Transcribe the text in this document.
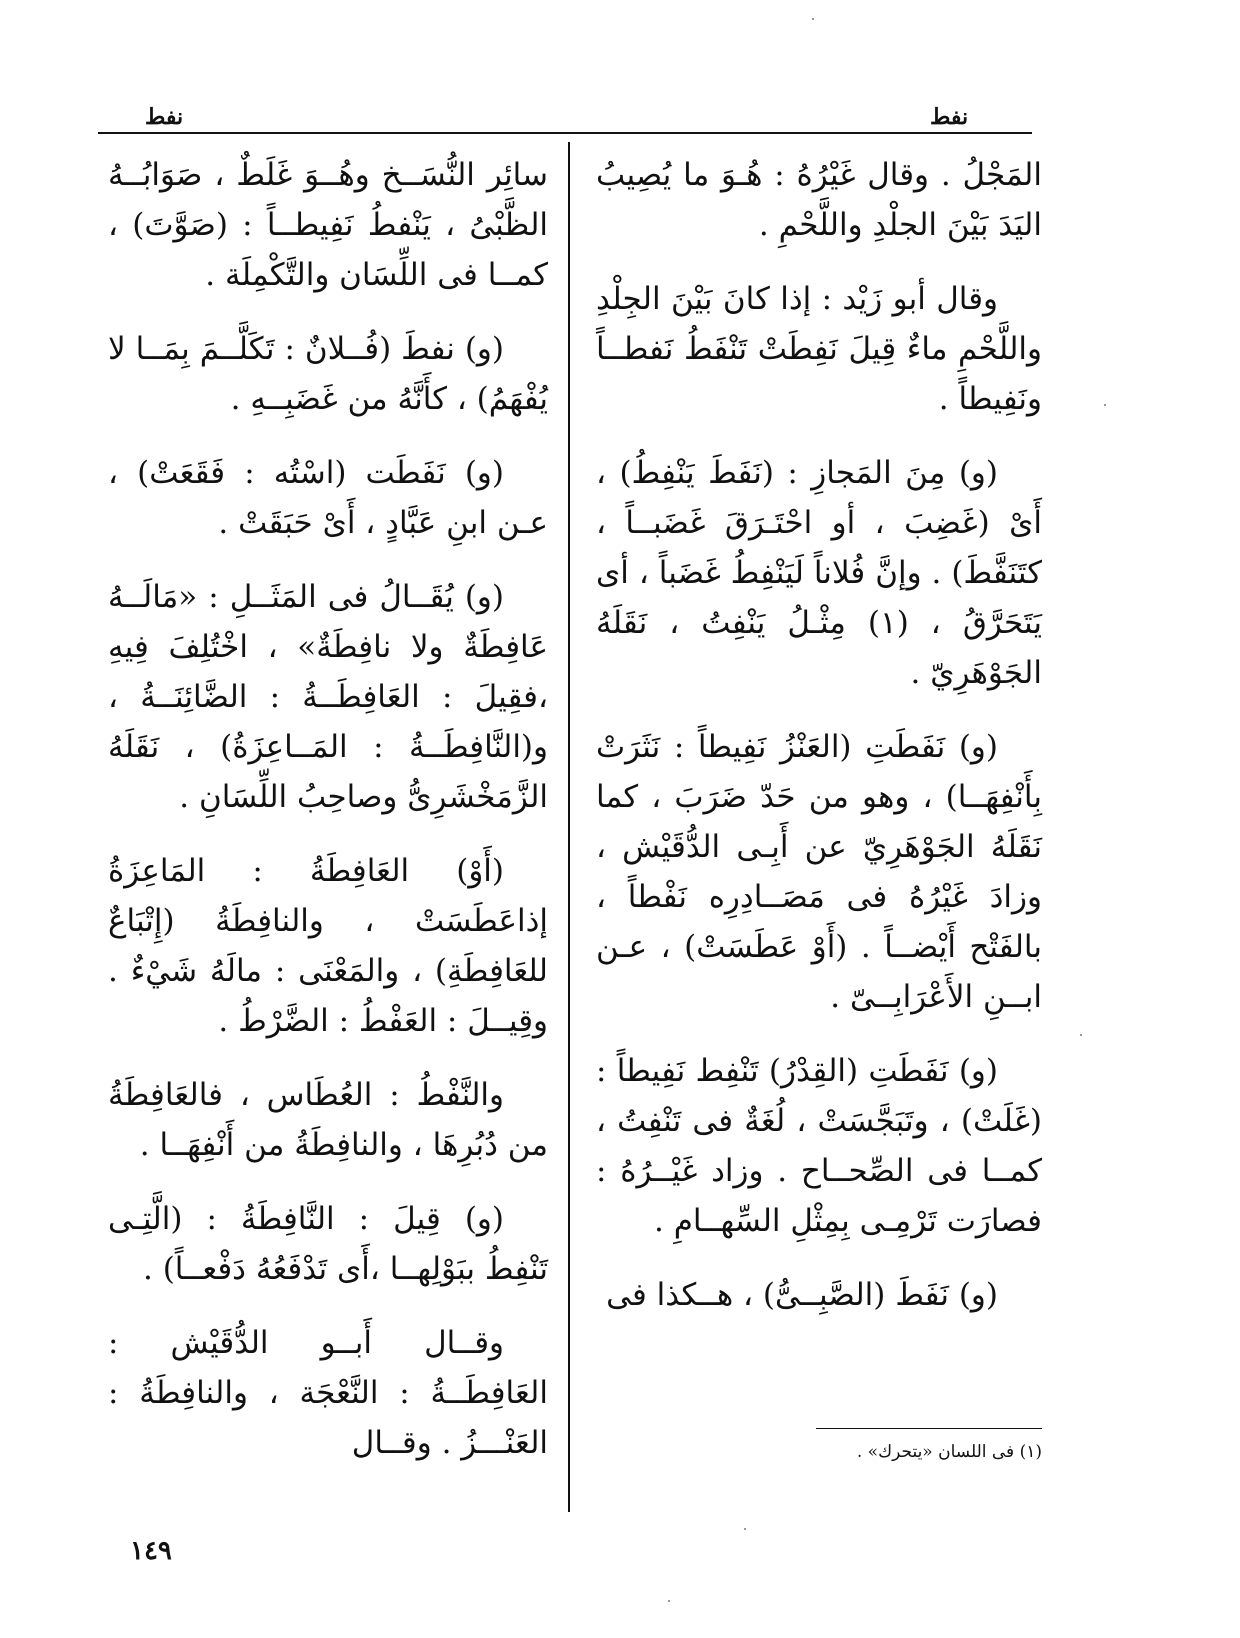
نفط
نفط

المَجْلُ . وقال غَيْرُهُ : هُـوَ ما يُصِيبُ اليَدَ بَيْنَ الجلْدِ واللَّحْمِ .

وقال أبو زَيْد : إذا كانَ بَيْنَ الجِلْدِ واللَّحْمِ ماءٌ قِيلَ نَفِطَتْ تَنْفَطُ نَفطــاً ونَفِيطاً .

(و) مِنَ المَجازِ : (نَفَطَ يَنْفِطُ) ، أَىْ (غَضِبَ ، أو احْتَـرَقَ غَضَبــاً ، كتَنَفَّطَ) . وإنَّ فُلاناً لَيَنْفِطُ غَضَباً ، أى يَتَحَرَّقُ ، (١) مِثْـلُ يَنْفِتُ ، نَقَلَهُ الجَوْهَرِيّ .

(و) نَفَطَتِ (العَنْزُ نَفِيطاً : نَثَرَتْ بِأَنْفِهَــا) ، وهو من حَدّ ضَرَبَ ، كما نَقَلَهُ الجَوْهَرِيّ عن أَبِـى الدُّقَيْش ، وزادَ غَيْرُهُ فى مَصَــادِرِه نَفْطاً ، بالفَتْح أَيْضــاً . (أَوْ عَطَسَتْ) ، عـن ابــنِ الأَعْرَابِــىّ .

(و) نَفَطَتِ (القِدْرُ) تَنْفِط نَفِيطاً : (غَلَتْ) ، وتَبَجَّسَتْ ، لُغَةٌ فى تَنْفِتُ ، كمــا فى الصِّحــاح . وزاد غَيْــرُهُ : فصارَت تَرْمِـى بِمِثْلِ السِّهــامِ .

(و) نَفَطَ (الصَّبِــىُّ) ، هــكذا فى

سائِر النُّسَــخ وهُــوَ غَلَطٌ ، صَوَابُــهُ الظَّبْىُ ، يَنْفطُ نَفِيطــاً : (صَوَّتَ) ، كمــا فى اللِّسَان والتَّكْمِلَة .

(و) نفطَ (فُــلانٌ : تَكَلَّــمَ بِمَــا لا يُفْهَمُ) ، كأَنَّهُ من غَضَبِــهِ .

(و) نَفَطَت (اسْتُه : فَقَعَتْ) ، عـن ابنِ عَبَّادٍ ، أَىْ حَبَقَتْ .

(و) يُقَــالُ فى المَثَــلِ : «مَالَــهُ عَافِطَةٌ ولا نافِطَةٌ» ، اخْتُلِفَ فِيهِ ،فقِيلَ : العَافِطَــةُ : الضَّائِنَــةُ ، و(النَّافِطَــةُ : المَــاعِزَةُ) ، نَقَلَهُ الزَّمَخْشَرِىُّ وصاحِبُ اللِّسَانِ .

(أَوْ) العَافِطَةُ : المَاعِزَةُ إذاعَطَسَتْ ، والنافِطَةُ (إِتْبَاعٌ للعَافِطَةِ) ، والمَعْنَى : مالَهُ شَيْءٌ . وقِيــلَ : العَفْطُ : الضَّرْطُ .

والنَّفْطُ : العُطَاس ، فالعَافِطَةُ من دُبُرِهَا ، والنافِطَةُ من أَنْفِهَــا .

(و) قِيلَ : النَّافِطَةُ : (الَّتِـى تَنْفِطُ ببَوْلِهــا ،أَى تَدْفَعُهُ دَفْعــاً) .

وقــال أَبــو الدُّقَيْش : العَافِطَــةُ : النَّعْجَة ، والنافِطَةُ : العَنْـــزُ . وقــال	(١) فى اللسان «يتحرك» .
١٤٩
